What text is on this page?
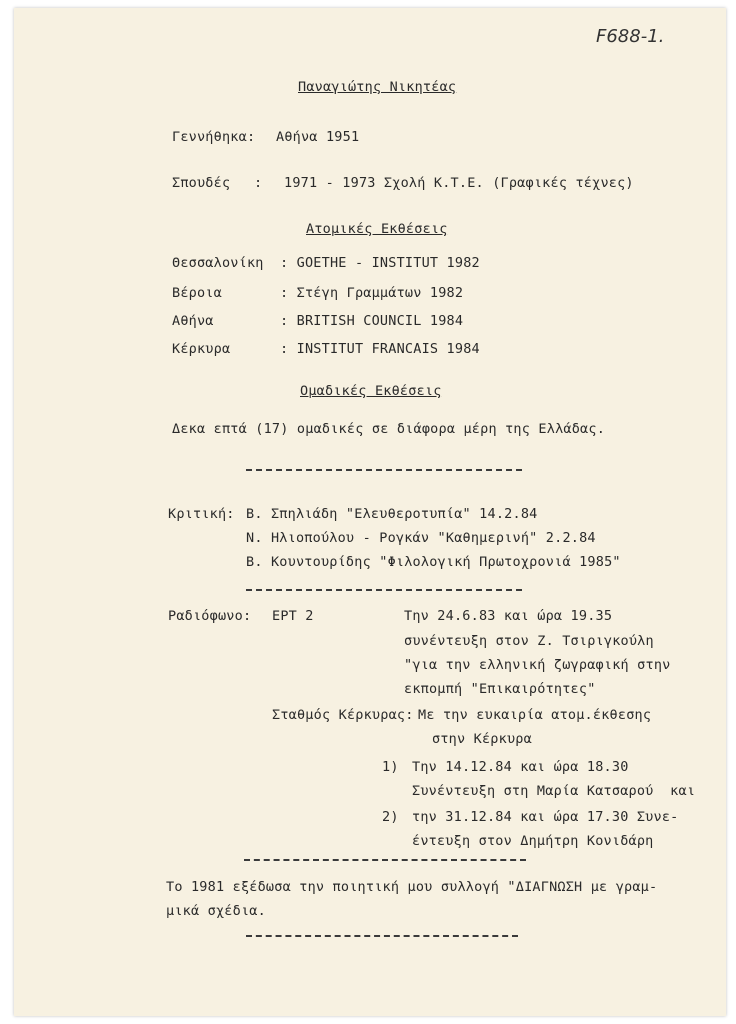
F688-1.
Παναγιώτης Νικητέας
Γεννήθηκα: Αθήνα 1951
Σπουδές : 1971 - 1973 Σχολή Κ.Τ.Ε. (Γραφικές τέχνες)
Ατομικές Εκθέσεις
Θεσσαλονίκη : GOETHE - INSTITUT 1982
Βέροια	: Στέγη Γραμμάτων 1982
Αθήνα	: BRITISH COUNCIL 1984
Κέρκυρα	: INSTITUT FRANCAIS 1984
Ομαδικές Εκθέσεις
Δεκα επτά (17) ομαδικές σε διάφορα μέρη της Ελλάδας.
Κριτική: Β. Σπηλιάδη "Ελευθεροτυπία" 14.2.84
Ν. Ηλιοπούλου - Ρογκάν "Καθημερινή" 2.2.84
Β. Κουντουρίδης "Φιλολογική Πρωτοχρονιά 1985"
Ραδιόφωνο: ΕΡΤ 2	Την 24.6.83 και ώρα 19.35
συνέντευξη στον Ζ. Τσιριγκούλη
"για την ελληνική ζωγραφική στην
εκπομπή "Επικαιρότητες"
Σταθμός Κέρκυρας: Με την ευκαιρία ατομ.έκθεσης
στην Κέρκυρα
1) Την 14.12.84 και ώρα 18.30
Συνέντευξη στη Μαρία Κατσαρού  και
2) την 31.12.84 και ώρα 17.30 Συνε-
έντευξη στον Δημήτρη Κονιδάρη
Το 1981 εξέδωσα την ποιητική μου συλλογή "ΔΙΑΓΝΩΣΗ με γραμ-
μικά σχέδια.
